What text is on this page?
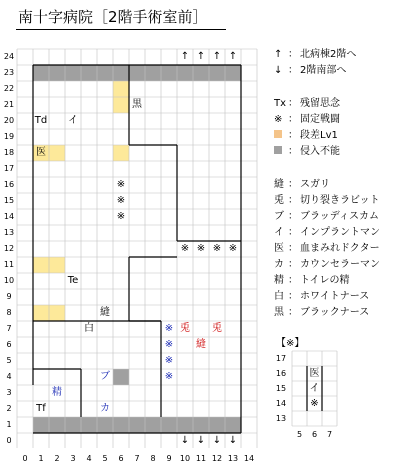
南十字病院［2階手術室前］
黒
Td	イ
医
※
※
※
※ ※ ※ ※
Te
縫
白	※ 兎	兎
※	縫
※
※
ブ
精
Tf	カ
↑ ↑ ↑ ↑
↓ ↓ ↓ ↓
0
1
2
3
4
5
6
7
8
9
10
11
12
13
14
15
16
17
18
19
20
21
22
23
24
0	1	2	3	4	5	6	7	8	9	10 11 12 13 14
↑ ： 北病棟2階へ
↓ ： 2階南部へ
Tx ： 残留思念
※ ： 固定戦闘
： 段差Lv1
： 侵入不能
縫 ： スガリ
兎 ： 切り裂きラビット
ブ ： ブラッディスカム
イ ： インプラントマン
医 ： 血まみれドクター
カ ： カウンセラーマン
精 ： トイレの精
白 ： ホワイトナース
黒 ： ブラックナース
【※】
17
16
15
14
13
5	6	7
医
イ
※
